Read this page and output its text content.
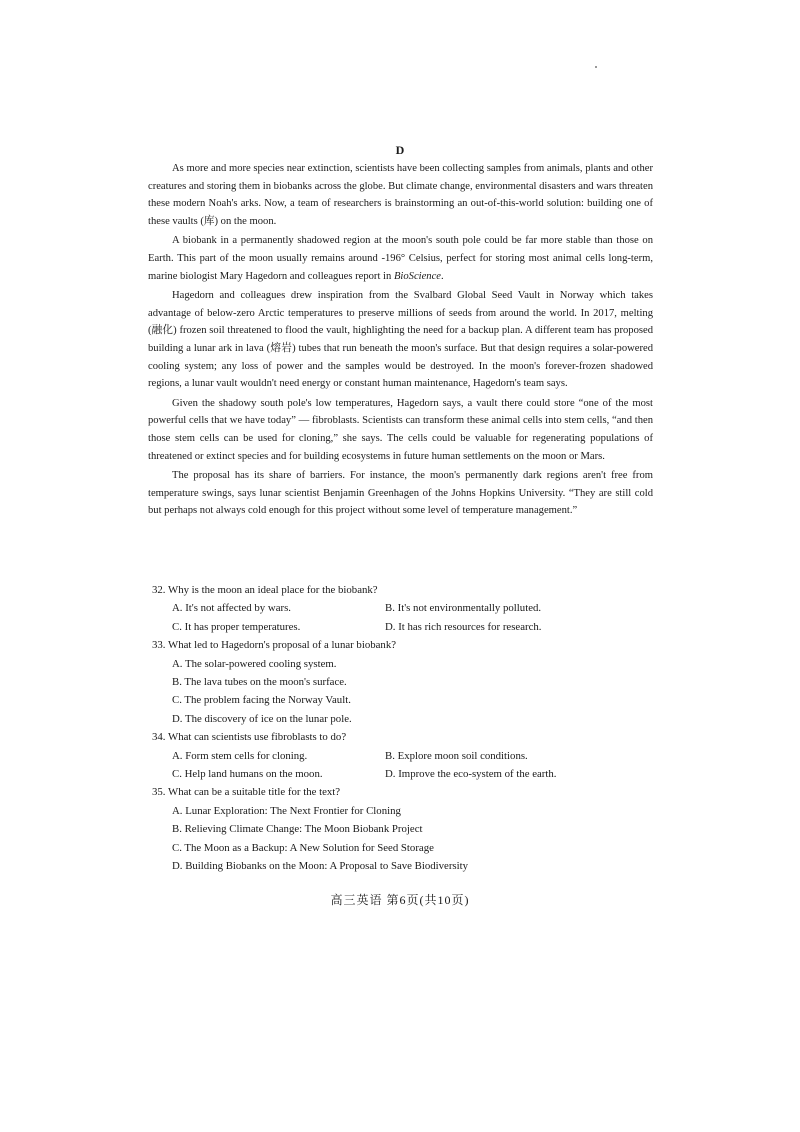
D

As more and more species near extinction, scientists have been collecting samples from animals, plants and other creatures and storing them in biobanks across the globe. But climate change, environmental disasters and wars threaten these modern Noah's arks. Now, a team of researchers is brainstorming an out-of-this-world solution: building one of these vaults (库) on the moon.

A biobank in a permanently shadowed region at the moon's south pole could be far more stable than those on Earth. This part of the moon usually remains around -196° Celsius, perfect for storing most animal cells long-term, marine biologist Mary Hagedorn and colleagues report in BioScience.

Hagedorn and colleagues drew inspiration from the Svalbard Global Seed Vault in Norway which takes advantage of below-zero Arctic temperatures to preserve millions of seeds from around the world. In 2017, melting (融化) frozen soil threatened to flood the vault, highlighting the need for a backup plan. A different team has proposed building a lunar ark in lava (熔岩) tubes that run beneath the moon's surface. But that design requires a solar-powered cooling system; any loss of power and the samples would be destroyed. In the moon's forever-frozen shadowed regions, a lunar vault wouldn't need energy or constant human maintenance, Hagedorn's team says.

Given the shadowy south pole's low temperatures, Hagedorn says, a vault there could store “one of the most powerful cells that we have today” — fibroblasts. Scientists can transform these animal cells into stem cells, “and then those stem cells can be used for cloning,” she says. The cells could be valuable for regenerating populations of threatened or extinct species and for building ecosystems in future human settlements on the moon or Mars.

The proposal has its share of barriers. For instance, the moon's permanently dark regions aren't free from temperature swings, says lunar scientist Benjamin Greenhagen of the Johns Hopkins University. “They are still cold but perhaps not always cold enough for this project without some level of temperature management.”

32. Why is the moon an ideal place for the biobank?

A. It's not affected by wars.	B. It's not environmentally polluted.
C. It has proper temperatures.	D. It has rich resources for research.

33. What led to Hagedorn's proposal of a lunar biobank?

A. The solar-powered cooling system.
B. The lava tubes on the moon's surface.
C. The problem facing the Norway Vault.
D. The discovery of ice on the lunar pole.

34. What can scientists use fibroblasts to do?

A. Form stem cells for cloning.	B. Explore moon soil conditions.
C. Help land humans on the moon.	D. Improve the eco-system of the earth.

35. What can be a suitable title for the text?

A. Lunar Exploration: The Next Frontier for Cloning
B. Relieving Climate Change: The Moon Biobank Project
C. The Moon as a Backup: A New Solution for Seed Storage
D. Building Biobanks on the Moon: A Proposal to Save Biodiversity
高三英语 第6页(共10页)
